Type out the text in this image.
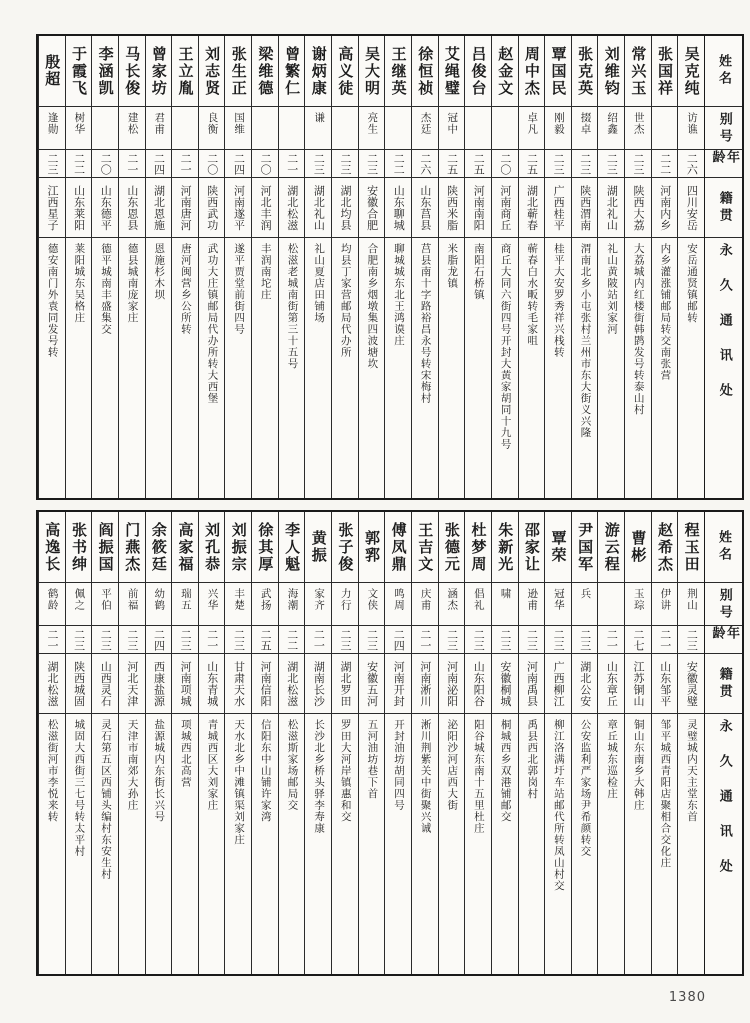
姓名
别号
年龄
籍贯
永久通讯处
吴克纯
访谯
二六
四川安岳
安岳通贤镇邮转
张国祥
二二
河南内乡
内乡灌涨铺邮局转交南张营
常兴玉
世杰
二三
陕西大荔
大荔城内红楼街韩鹍发号转泰山村
刘维钧
绍鑫
二三
湖北礼山
礼山黄陂站刘家河
张克英
掇卓
二三
陕西渭南
渭南北乡小屯张村兰州市东大街义兴隆
覃国民
刚毅
二三
广西桂平
桂平大安罗秀祥兴栈转
周中杰
卓凡
二五
湖北蕲春
蕲春白水畈转毛家咀
赵金文
二〇
河南商丘
商丘大同六街四号开封大黄家胡同十九号
吕俊台
二五
河南南阳
南阳石桥镇
艾绳璧
冠中
二五
陕西米脂
米脂龙镇
徐恒祯
杰廷
二六
山东莒县
莒县南十字路裕昌永号转宋梅村
王继英
二二
山东聊城
聊城城东北王鸿谟庄
吴大明
亮生
二三
安徽合肥
合肥南乡烟墩集四波塘坎
高义徒
二三
湖北均县
均县丁家营邮局代办所
谢炳康
谦
二三
湖北礼山
礼山夏店田铺场
曾繁仁
二一
湖北松滋
松滋老城南街第三十五号
梁维德
二〇
河北丰润
丰润南坨庄
张生正
国维
二四
河南遂平
遂平贾堂前街四号
刘志贤
良衡
二〇
陕西武功
武功大庄镇邮局代办所转大西堡
王立胤
二一
河南唐河
唐河闽营乡公所转
曾家坊
君甫
二四
湖北恩施
恩施杉木坝
马长俊
建松
二一
山东恩县
德县城南庞家庄
李涵凯
二〇
山东德平
德平城南丰盛集交
于霞飞
树华
二二
山东莱阳
莱阳城东吴格庄
殷超
逢勋
二三
江西星子
德安南门外袁同发号转
姓名
别号
年龄
籍贯
永久通讯处
程玉田
荆山
二三
安徽灵璧
灵璧城内天主堂东首
赵希杰
伊讲
二一
山东邹平
邹平城西青阳店聚相合交化庄
曹彬
玉琮
二七
江苏铜山
铜山东南乡大韩庄
游云程
二一
山东章丘
章丘城东巡检庄
尹国军
兵
二三
湖北公安
公安监利严家场尹希颜转交
覃荣
冠华
二三
广西柳江
柳江洛满圩车站邮代所转凤山村交
邵家让
逊甫
二三
河南禹县
禹县西北郭岗村
朱新光
啸
二三
安徽桐城
桐城西乡双港铺邮交
杜梦周
倡礼
二三
山东阳谷
阳谷城东南十五里杜庄
张德元
涵杰
二三
河南泌阳
泌阳沙河店西大街
王吉文
庆甫
二一
河南淅川
淅川荆紫关中街聚兴诚
傅凤鼎
鸣周
二四
河南开封
开封油坊胡同四号
郭郛
文侠
二三
安徽五河
五河油坊巷下首
张子俊
力行
二三
湖北罗田
罗田大河岸镇惠和交
黄振
家齐
二一
湖南长沙
长沙北乡桥头驿李寿康
李人魁
海潮
二二
湖北松滋
松滋斯家场邮局交
徐其厚
武扬
二五
河南信阳
信阳东中山铺许家湾
刘振宗
丰楚
二三
甘肃天水
天水北乡中滩镇渠刘家庄
刘孔恭
兴华
二一
山东青城
青城西区大刘家庄
高家福
瑞五
二三
河南项城
项城西北高营
余筱廷
幼鹤
二四
西康盐源
盐源城内东街长兴号
门燕杰
前福
二三
河北天津
天津市南郊大孙庄
阎振国
平伯
二三
山西灵石
灵石第五区西铺头编村东安生村
张书绅
佩之
二三
陕西城固
城固大西街三七号转太平村
高逸长
鹤龄
二一
湖北松滋
松滋街河市李悦来转
1380
